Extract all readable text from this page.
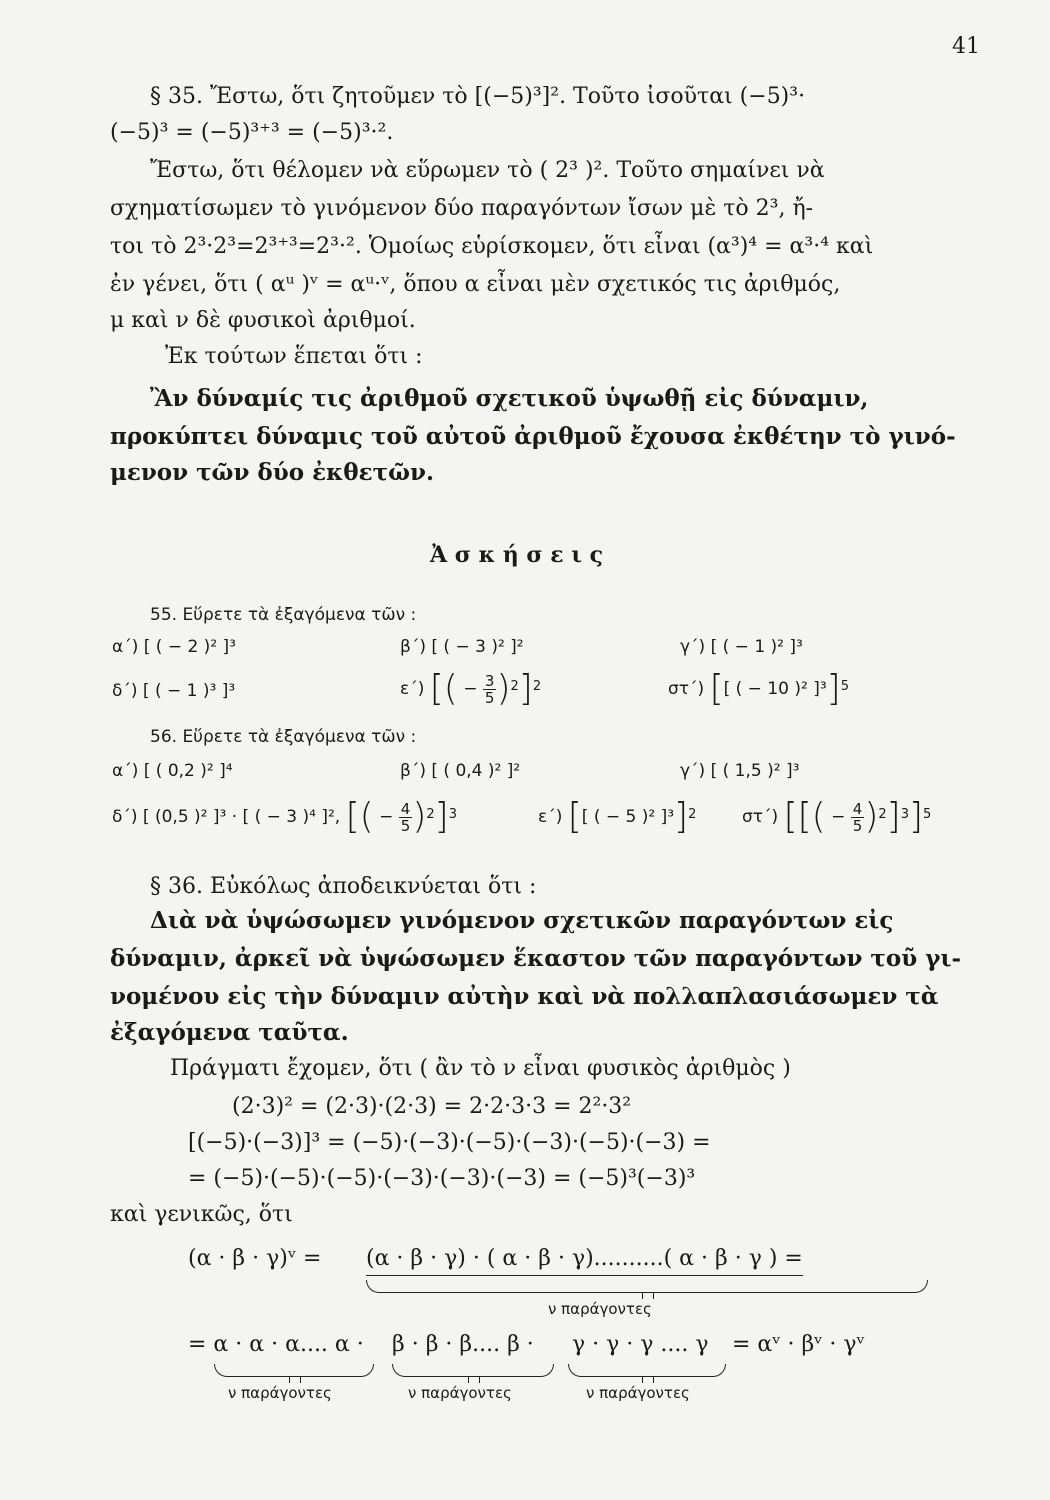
41
§ 35. Ἔστω, ὅτι ζητοῦμεν τὸ [(−5)³]². Τοῦτο ἰσοῦται (−5)³·
(−5)³ = (−5)³⁺³ = (−5)³·².
Ἔστω, ὅτι θέλομεν νὰ εὕρωμεν τὸ ( 2³ )². Τοῦτο σημαίνει νὰ
σχηματίσωμεν τὸ γινόμενον δύο παραγόντων ἴσων μὲ τὸ 2³, ἤ-
τοι τὸ 2³·2³=2³⁺³=2³·². Ὁμοίως εὑρίσκομεν, ὅτι εἶναι (α³)⁴ = α³·⁴ καὶ
ἐν γένει, ὅτι ( αᵘ )ᵛ = αᵘ·ᵛ, ὅπου α εἶναι μὲν σχετικός τις ἀριθμός,
μ καὶ ν δὲ φυσικοὶ ἀριθμοί.
Ἐκ τούτων ἕπεται ὅτι :
Ἂν δύναμίς τις ἀριθμοῦ σχετικοῦ ὑψωθῇ εἰς δύναμιν,
προκύπτει δύναμις τοῦ αὐτοῦ ἀριθμοῦ ἔχουσα ἐκθέτην τὸ γινό-
μενον τῶν δύο ἐκθετῶν.
Ἀ σ κ ή σ ε ι ς
55. Εὕρετε τὰ ἐξαγόμενα τῶν :
α΄) [ ( − 2 )² ]³	β΄) [ ( − 3 )² ]²	γ΄) [ ( − 1 )² ]³
δ΄) [ ( − 1 )³ ]³	ε΄) [( − $\frac{3}{5} )^2]^2$	στ΄) [[ ( − 10 )² ]³]$^5$
56. Εὕρετε τὰ ἐξαγόμενα τῶν :
α΄) [ ( 0,2 )² ]⁴	β΄) [ ( 0,4 )² ]²	γ΄) [ ( 1,5 )² ]³
δ΄) [ (0,5 )² ]³ · [ ( − 3 )⁴ ]², [( − $\frac{4}{5} )^2]^3$	ε΄) [[ ( − 5 )² ]³]$^2$	στ΄) [[( − $\frac{4}{5} )^2]^3]^5$
§ 36. Εὐκόλως ἀποδεικνύεται ὅτι :
Διὰ νὰ ὑψώσωμεν γινόμενον σχετικῶν παραγόντων εἰς
δύναμιν, ἀρκεῖ νὰ ὑψώσωμεν ἕκαστον τῶν παραγόντων τοῦ γι-
νομένου εἰς τὴν δύναμιν αὐτὴν καὶ νὰ πολλαπλασιάσωμεν τὰ
ἐξαγόμενα ταῦτα.
Πράγματι ἔχομεν, ὅτι ( ἂν τὸ ν εἶναι φυσικὸς ἀριθμὸς )
(2·3)² = (2·3)·(2·3) = 2·2·3·3 = 2²·3²
[(−5)·(−3)]³ = (−5)·(−3)·(−5)·(−3)·(−5)·(−3) =
= (−5)·(−5)·(−5)·(−3)·(−3)·(−3) = (−5)³(−3)³
καὶ γενικῶς, ὅτι
(α · β · γ)ᵛ = (α · β · γ) · ( α · β · γ)..........( α · β · γ ) =
ν παράγοντες
= α · α · α.... α · β · β · β.... β · γ · γ · γ .... γ = αᵛ · βᵛ · γᵛ
ν παράγοντες	ν παράγοντες	ν παράγοντες
